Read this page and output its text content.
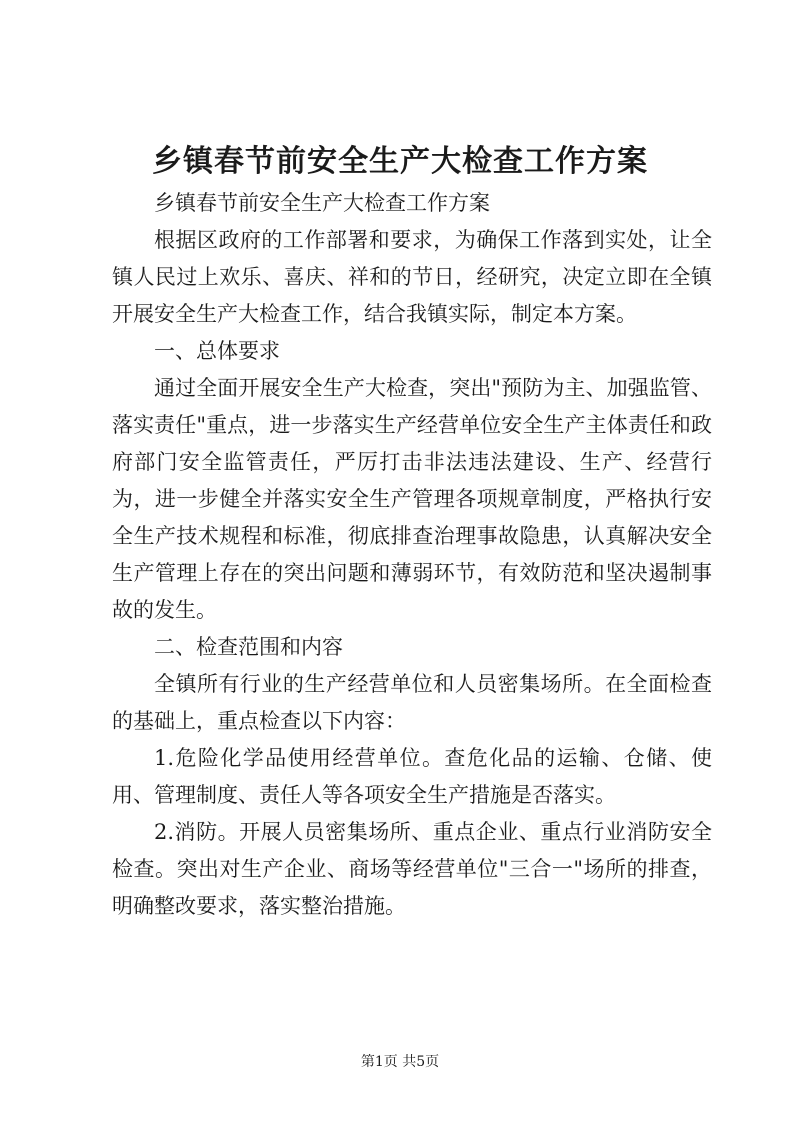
乡镇春节前安全生产大检查工作方案

乡镇春节前安全生产大检查工作方案

根据区政府的工作部署和要求，为确保工作落到实处，让全镇人民过上欢乐、喜庆、祥和的节日，经研究，决定立即在全镇开展安全生产大检查工作，结合我镇实际，制定本方案。

一、总体要求

通过全面开展安全生产大检查，突出"预防为主、加强监管、落实责任"重点，进一步落实生产经营单位安全生产主体责任和政府部门安全监管责任，严厉打击非法违法建设、生产、经营行为，进一步健全并落实安全生产管理各项规章制度，严格执行安全生产技术规程和标准，彻底排查治理事故隐患，认真解决安全生产管理上存在的突出问题和薄弱环节，有效防范和坚决遏制事故的发生。

二、检查范围和内容

全镇所有行业的生产经营单位和人员密集场所。在全面检查的基础上，重点检查以下内容：

1.危险化学品使用经营单位。查危化品的运输、仓储、使用、管理制度、责任人等各项安全生产措施是否落实。

2.消防。开展人员密集场所、重点企业、重点行业消防安全检查。突出对生产企业、商场等经营单位"三合一"场所的排查，明确整改要求，落实整治措施。

第1页 共5页
